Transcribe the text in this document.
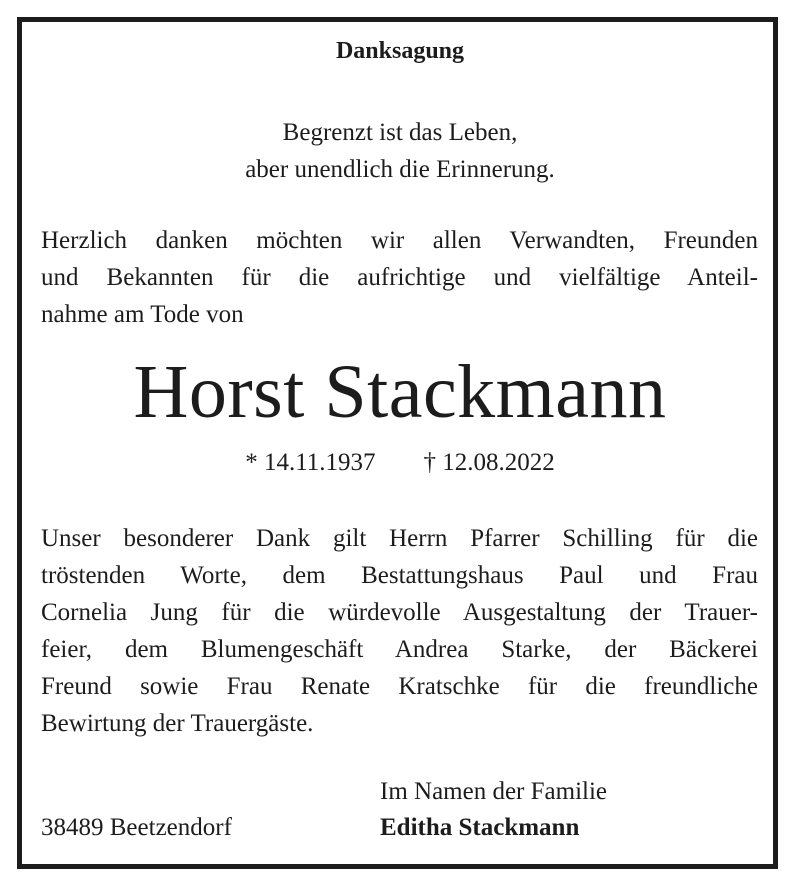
Danksagung
Begrenzt ist das Leben,
aber unendlich die Erinnerung.
Herzlich danken möchten wir allen Verwandten, Freunden
und Bekannten für die aufrichtige und vielfältige Anteil-
nahme am Tode von
Horst Stackmann
* 14.11.1937 † 12.08.2022
Unser besonderer Dank gilt Herrn Pfarrer Schilling für die
tröstenden Worte, dem Bestattungshaus Paul und Frau
Cornelia Jung für die würdevolle Ausgestaltung der Trauer-
feier, dem Blumengeschäft Andrea Starke, der Bäckerei
Freund sowie Frau Renate Kratschke für die freundliche
Bewirtung der Trauergäste.
Im Namen der Familie
Editha Stackmann
38489 Beetzendorf
